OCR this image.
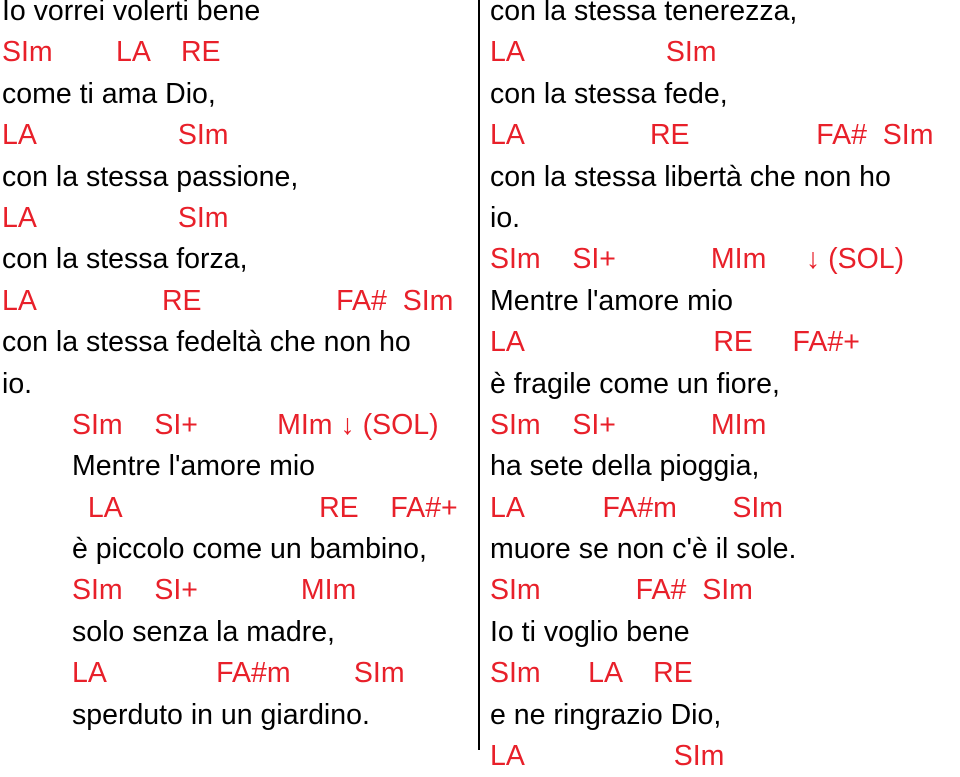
Io vorrei volerti bene

SIm        LA    RE

come ti ama Dio,

LA                  SIm

con la stessa passione,

LA                  SIm

con la stessa forza,

LA                RE                 FA#  SIm

con la stessa fedeltà che non ho

io.

SIm    SI+          MIm ↓ (SOL)

Mentre l'amore mio

LA                         RE    FA#+

è piccolo come un bambino,

SIm    SI+             MIm

solo senza la madre,

LA              FA#m        SIm

sperduto in un giardino.

con la stessa tenerezza,

LA                  SIm

con la stessa fede,

LA                RE                FA#  SIm

con la stessa libertà che non ho

io.

SIm    SI+            MIm     ↓ (SOL)

Mentre l'amore mio

LA                        RE     FA#+

è fragile come un fiore,

SIm    SI+            MIm

ha sete della pioggia,

LA          FA#m       SIm

muore se non c'è il sole.

SIm            FA#  SIm

Io ti voglio bene

SIm      LA    RE

e ne ringrazio Dio,

LA                   SIm
